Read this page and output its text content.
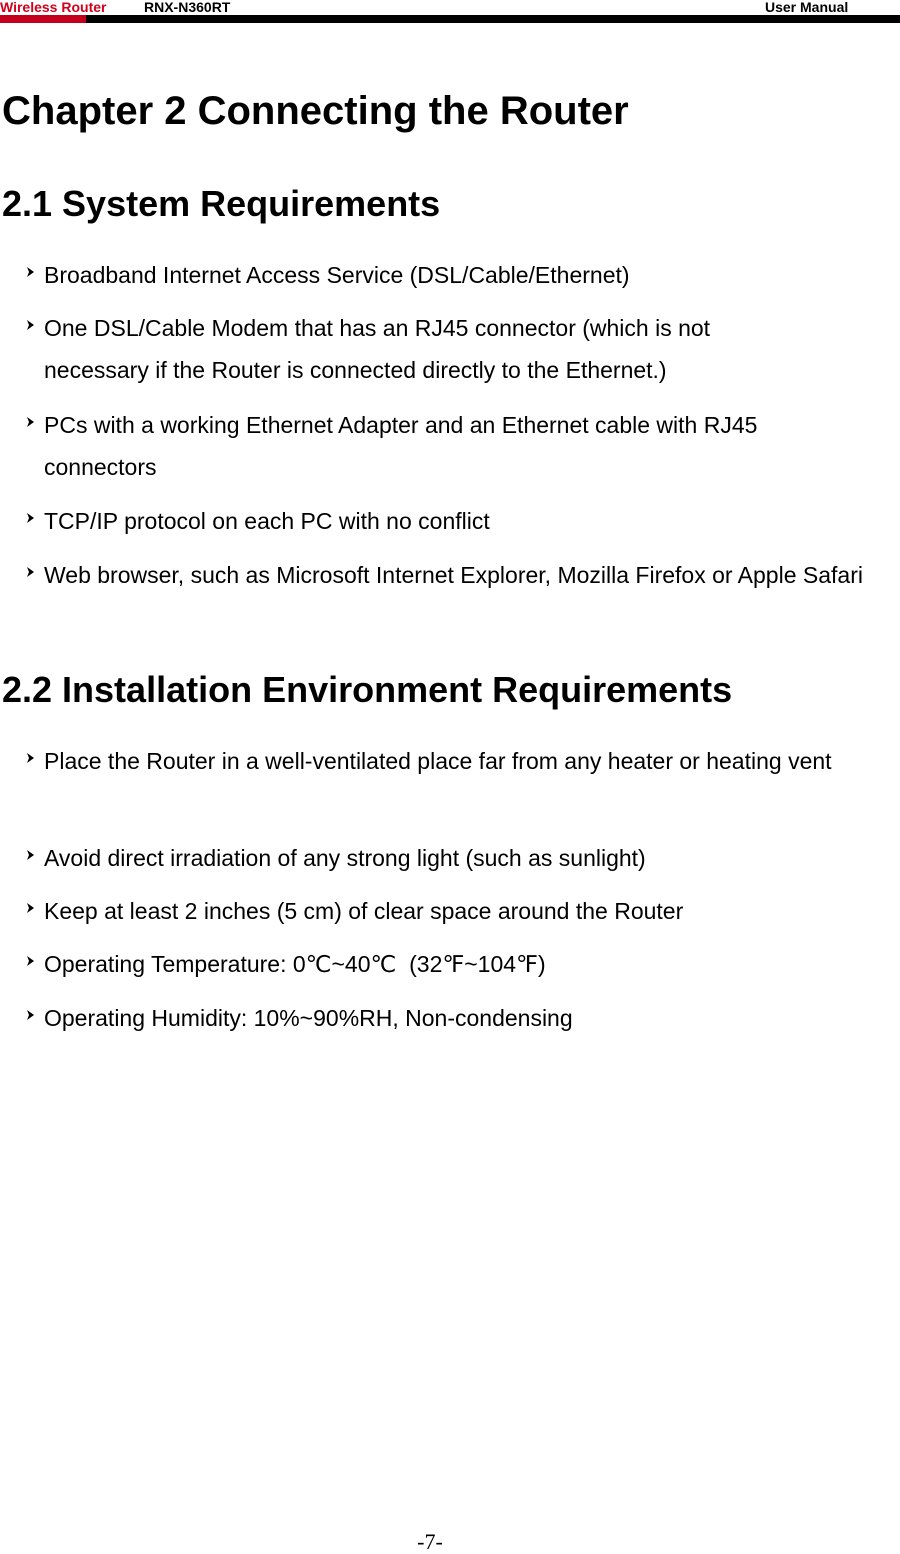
Wireless Router	RNX-N360RT	User Manual
Chapter 2 Connecting the Router
2.1 System Requirements

Broadband Internet Access Service (DSL/Cable/Ethernet)

One DSL/Cable Modem that has an RJ45 connector (which is not necessary if the Router is connected directly to the Ethernet.)

PCs with a working Ethernet Adapter and an Ethernet cable with RJ45 connectors

TCP/IP protocol on each PC with no conflict

Web browser, such as Microsoft Internet Explorer, Mozilla Firefox or Apple Safari

2.2 Installation Environment Requirements

Place the Router in a well-ventilated place far from any heater or heating vent

Avoid direct irradiation of any strong light (such as sunlight)

Keep at least 2 inches (5 cm) of clear space around the Router

Operating Temperature: 0℃~40℃  (32℉~104℉)

Operating Humidity: 10%~90%RH, Non-condensing

-7-
